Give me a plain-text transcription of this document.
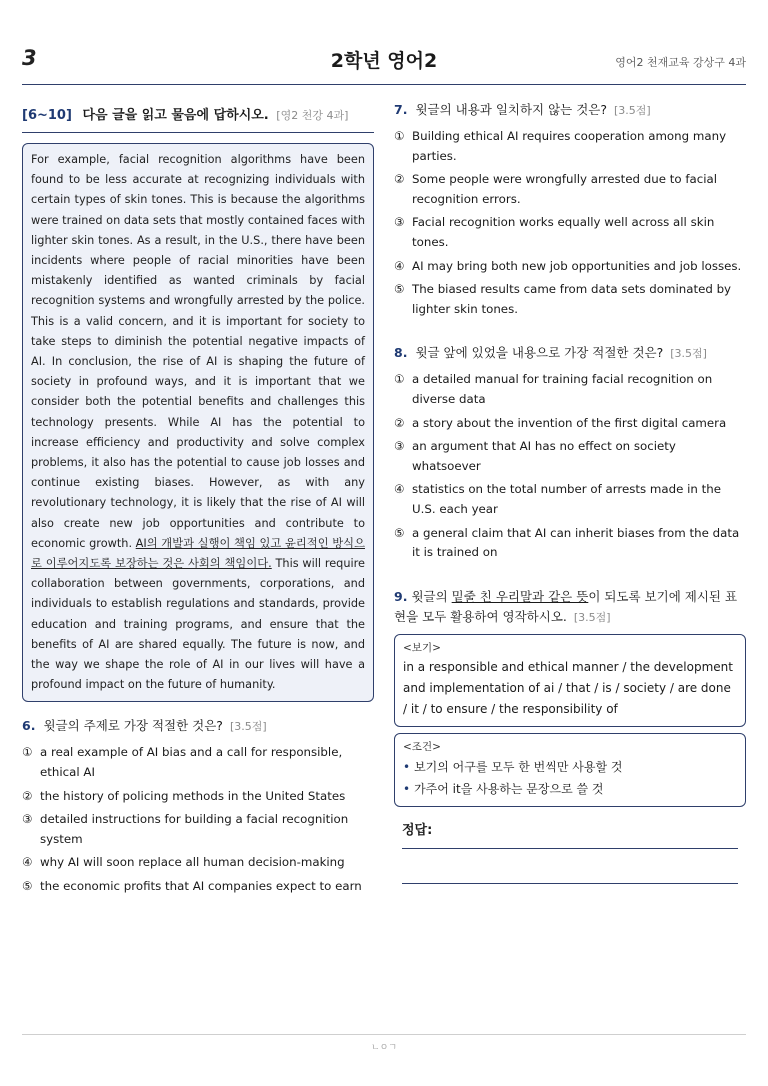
3	2학년 영어2	영어2 천재교육 강상구 4과
[6~10] 다음 글을 읽고 물음에 답하시오. [영2 천강 4과]
For example, facial recognition algorithms have been found to be less accurate at recognizing individuals with certain types of skin tones. This is because the algorithms were trained on data sets that mostly contained faces with lighter skin tones. As a result, in the U.S., there have been incidents where people of racial minorities have been mistakenly identified as wanted criminals by facial recognition systems and wrongfully arrested by the police. This is a valid concern, and it is important for society to take steps to diminish the potential negative impacts of AI. In conclusion, the rise of AI is shaping the future of society in profound ways, and it is important that we consider both the potential benefits and challenges this technology presents. While AI has the potential to increase efficiency and productivity and solve complex problems, it also has the potential to cause job losses and continue existing biases. However, as with any revolutionary technology, it is likely that the rise of AI will also create new job opportunities and contribute to economic growth. AI의 개발과 실행이 책임 있고 윤리적인 방식으로 이루어지도록 보장하는 것은 사회의 책임이다. This will require collaboration between governments, corporations, and individuals to establish regulations and standards, provide education and training programs, and ensure that the benefits of AI are shared equally. The future is now, and the way we shape the role of AI in our lives will have a profound impact on the future of humanity.
6. 윗글의 주제로 가장 적절한 것은? [3.5점]
① a real example of AI bias and a call for responsible, ethical AI
② the history of policing methods in the United States
③ detailed instructions for building a facial recognition system
④ why AI will soon replace all human decision-making
⑤ the economic profits that AI companies expect to earn
7. 윗글의 내용과 일치하지 않는 것은? [3.5점]
① Building ethical AI requires cooperation among many parties.
② Some people were wrongfully arrested due to facial recognition errors.
③ Facial recognition works equally well across all skin tones.
④ AI may bring both new job opportunities and job losses.
⑤ The biased results came from data sets dominated by lighter skin tones.
8. 윗글 앞에 있었을 내용으로 가장 적절한 것은? [3.5점]
① a detailed manual for training facial recognition on diverse data
② a story about the invention of the first digital camera
③ an argument that AI has no effect on society whatsoever
④ statistics on the total number of arrests made in the U.S. each year
⑤ a general claim that AI can inherit biases from the data it is trained on
9. 윗글의 밑줄 친 우리말과 같은 뜻이 되도록 보기에 제시된 표현을 모두 활용하여 영작하시오. [3.5점]
<보기>
in a responsible and ethical manner / the development and implementation of ai / that / is / society / are done / it / to ensure / the responsibility of
<조건>
• 보기의 어구를 모두 한 번씩만 사용할 것
• 가주어 it을 사용하는 문장으로 쓸 것
정답:
ㄴㅇㄱ
